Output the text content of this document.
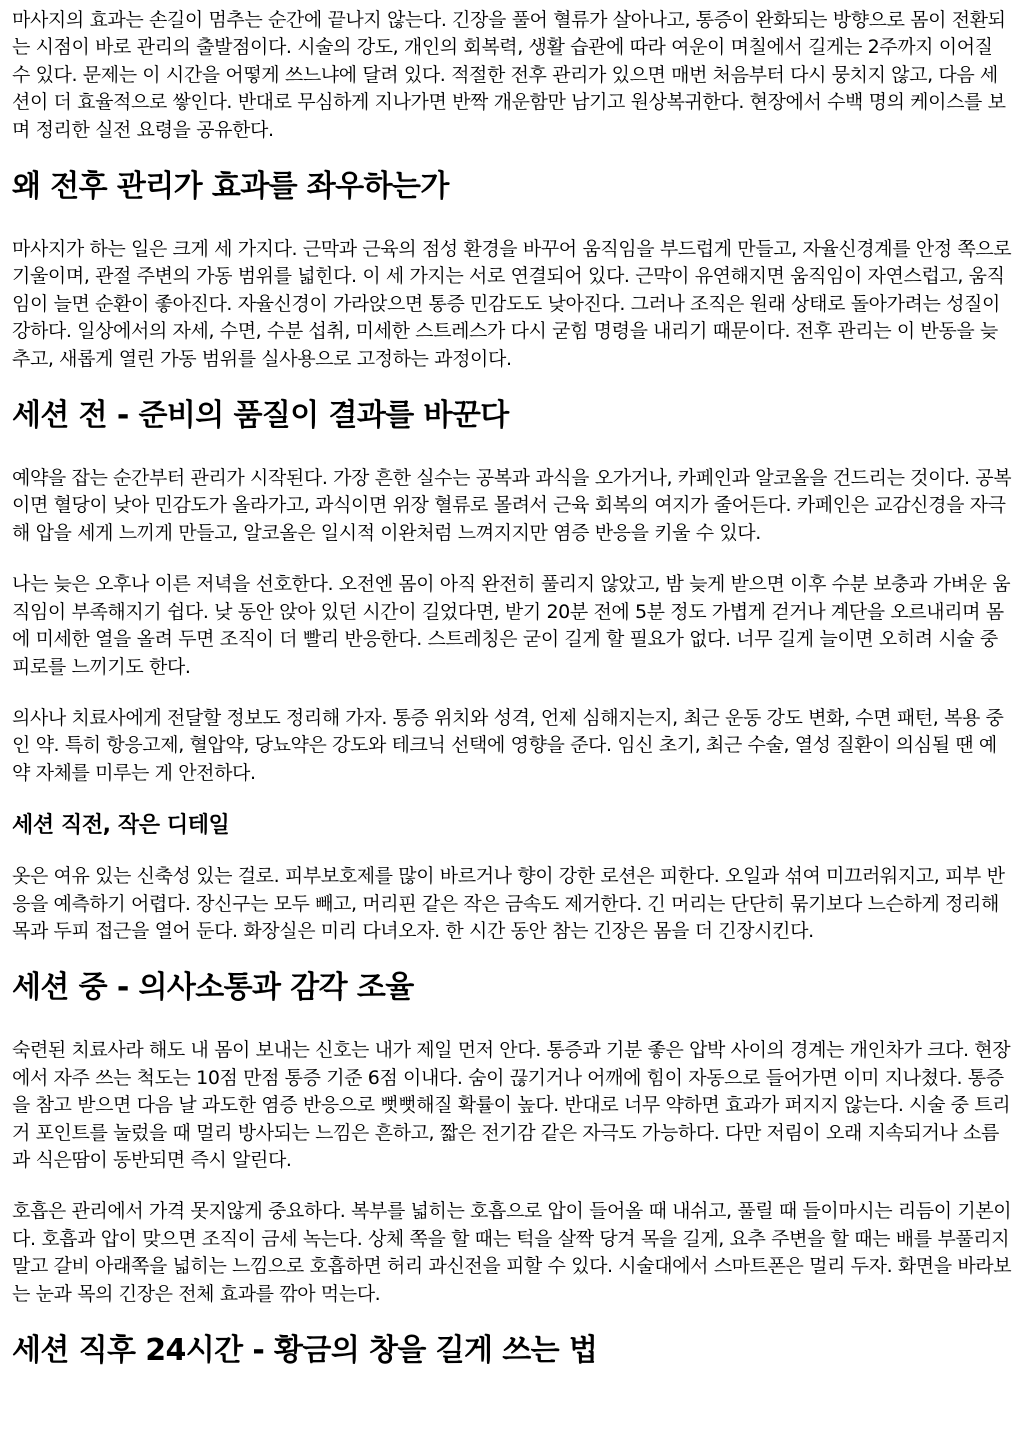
마사지의 효과는 손길이 멈추는 순간에 끝나지 않는다. 긴장을 풀어 혈류가 살아나고, 통증이 완화되는 방향으로 몸이 전환되는 시점이 바로 관리의 출발점이다. 시술의 강도, 개인의 회복력, 생활 습관에 따라 여운이 며칠에서 길게는 2주까지 이어질 수 있다. 문제는 이 시간을 어떻게 쓰느냐에 달려 있다. 적절한 전후 관리가 있으면 매번 처음부터 다시 뭉치지 않고, 다음 세션이 더 효율적으로 쌓인다. 반대로 무심하게 지나가면 반짝 개운함만 남기고 원상복귀한다. 현장에서 수백 명의 케이스를 보며 정리한 실전 요령을 공유한다.

왜 전후 관리가 효과를 좌우하는가

마사지가 하는 일은 크게 세 가지다. 근막과 근육의 점성 환경을 바꾸어 움직임을 부드럽게 만들고, 자율신경계를 안정 쪽으로 기울이며, 관절 주변의 가동 범위를 넓힌다. 이 세 가지는 서로 연결되어 있다. 근막이 유연해지면 움직임이 자연스럽고, 움직임이 늘면 순환이 좋아진다. 자율신경이 가라앉으면 통증 민감도도 낮아진다. 그러나 조직은 원래 상태로 돌아가려는 성질이 강하다. 일상에서의 자세, 수면, 수분 섭취, 미세한 스트레스가 다시 굳힘 명령을 내리기 때문이다. 전후 관리는 이 반동을 늦추고, 새롭게 열린 가동 범위를 실사용으로 고정하는 과정이다.

세션 전 - 준비의 품질이 결과를 바꾼다

예약을 잡는 순간부터 관리가 시작된다. 가장 흔한 실수는 공복과 과식을 오가거나, 카페인과 알코올을 건드리는 것이다. 공복이면 혈당이 낮아 민감도가 올라가고, 과식이면 위장 혈류로 몰려서 근육 회복의 여지가 줄어든다. 카페인은 교감신경을 자극해 압을 세게 느끼게 만들고, 알코올은 일시적 이완처럼 느껴지지만 염증 반응을 키울 수 있다.

나는 늦은 오후나 이른 저녁을 선호한다. 오전엔 몸이 아직 완전히 풀리지 않았고, 밤 늦게 받으면 이후 수분 보충과 가벼운 움직임이 부족해지기 쉽다. 낮 동안 앉아 있던 시간이 길었다면, 받기 20분 전에 5분 정도 가볍게 걷거나 계단을 오르내리며 몸에 미세한 열을 올려 두면 조직이 더 빨리 반응한다. 스트레칭은 굳이 길게 할 필요가 없다. 너무 길게 늘이면 오히려 시술 중 피로를 느끼기도 한다.

의사나 치료사에게 전달할 정보도 정리해 가자. 통증 위치와 성격, 언제 심해지는지, 최근 운동 강도 변화, 수면 패턴, 복용 중인 약. 특히 항응고제, 혈압약, 당뇨약은 강도와 테크닉 선택에 영향을 준다. 임신 초기, 최근 수술, 열성 질환이 의심될 땐 예약 자체를 미루는 게 안전하다.

세션 직전, 작은 디테일

옷은 여유 있는 신축성 있는 걸로. 피부보호제를 많이 바르거나 향이 강한 로션은 피한다. 오일과 섞여 미끄러워지고, 피부 반응을 예측하기 어렵다. 장신구는 모두 빼고, 머리핀 같은 작은 금속도 제거한다. 긴 머리는 단단히 묶기보다 느슨하게 정리해 목과 두피 접근을 열어 둔다. 화장실은 미리 다녀오자. 한 시간 동안 참는 긴장은 몸을 더 긴장시킨다.

세션 중 - 의사소통과 감각 조율

숙련된 치료사라 해도 내 몸이 보내는 신호는 내가 제일 먼저 안다. 통증과 기분 좋은 압박 사이의 경계는 개인차가 크다. 현장에서 자주 쓰는 척도는 10점 만점 통증 기준 6점 이내다. 숨이 끊기거나 어깨에 힘이 자동으로 들어가면 이미 지나쳤다. 통증을 참고 받으면 다음 날 과도한 염증 반응으로 뻣뻣해질 확률이 높다. 반대로 너무 약하면 효과가 퍼지지 않는다. 시술 중 트리거 포인트를 눌렀을 때 멀리 방사되는 느낌은 흔하고, 짧은 전기감 같은 자극도 가능하다. 다만 저림이 오래 지속되거나 소름과 식은땀이 동반되면 즉시 알린다.

호흡은 관리에서 가격 못지않게 중요하다. 복부를 넓히는 호흡으로 압이 들어올 때 내쉬고, 풀릴 때 들이마시는 리듬이 기본이다. 호흡과 압이 맞으면 조직이 금세 녹는다. 상체 쪽을 할 때는 턱을 살짝 당겨 목을 길게, 요추 주변을 할 때는 배를 부풀리지 말고 갈비 아래쪽을 넓히는 느낌으로 호흡하면 허리 과신전을 피할 수 있다. 시술대에서 스마트폰은 멀리 두자. 화면을 바라보는 눈과 목의 긴장은 전체 효과를 깎아 먹는다.

세션 직후 24시간 - 황금의 창을 길게 쓰는 법
